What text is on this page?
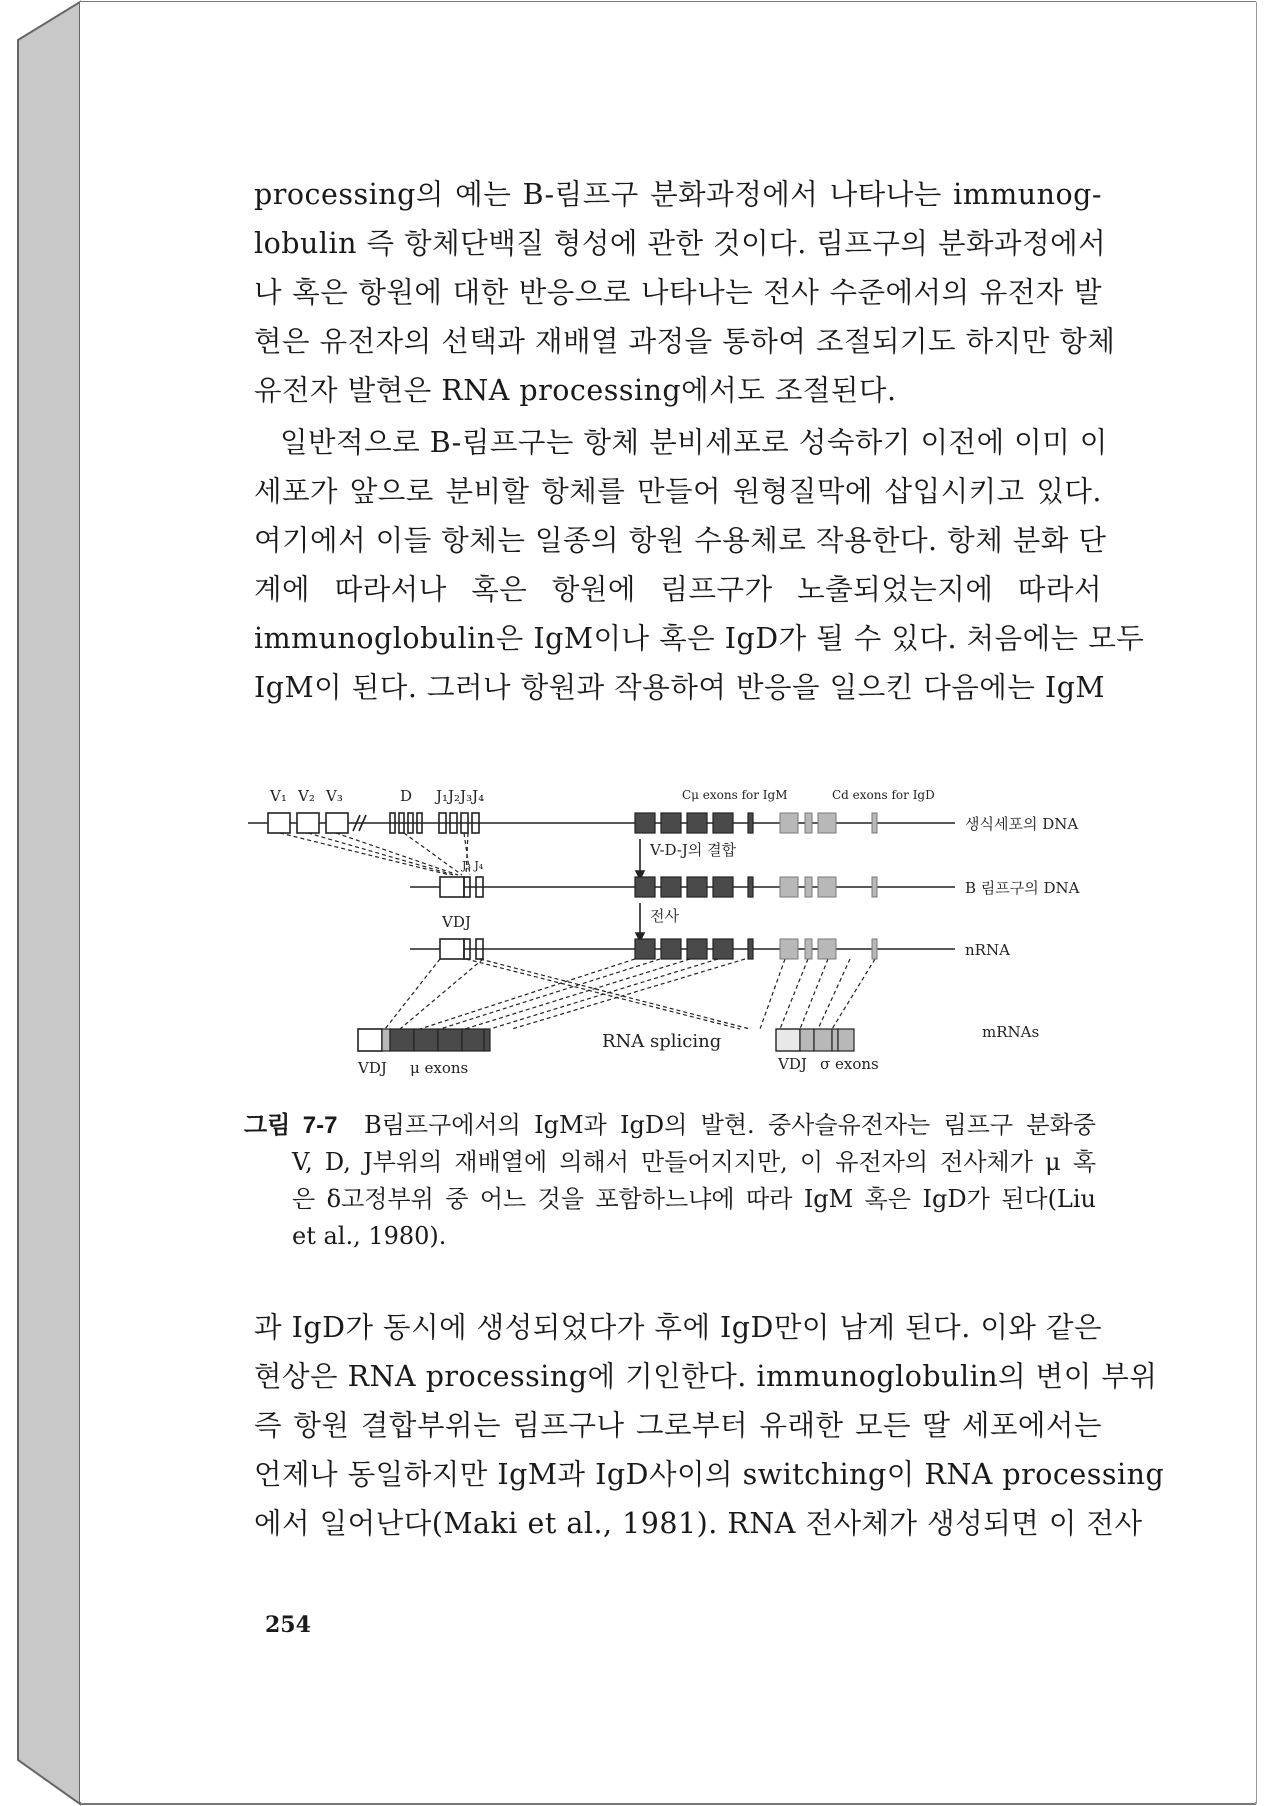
processing의 예는 B-림프구 분화과정에서 나타나는 immunog-
lobulin 즉 항체단백질 형성에 관한 것이다. 림프구의 분화과정에서
나 혹은 항원에 대한 반응으로 나타나는 전사 수준에서의 유전자 발
현은 유전자의 선택과 재배열 과정을 통하여 조절되기도 하지만 항체
유전자 발현은 RNA processing에서도 조절된다.
일반적으로 B-림프구는 항체 분비세포로 성숙하기 이전에 이미 이
세포가 앞으로 분비할 항체를 만들어 원형질막에 삽입시키고 있다.
여기에서 이들 항체는 일종의 항원 수용체로 작용한다. 항체 분화 단
계에 따라서나 혹은 항원에 림프구가 노출되었는지에 따라서
immunoglobulin은 IgM이나 혹은 IgD가 될 수 있다. 처음에는 모두
IgM이 된다. 그러나 항원과 작용하여 반응을 일으킨 다음에는 IgM
V₁ V₂ V₃	D J₁J₂J₃J₄	Cμ exons for IgM	Cd exons for IgD
J₃ J₄
V-D-J의 결합
전사
VDJ
RNA splicing
VDJ μ exons	VDJ σ exons
생식세포의 DNA
B 림프구의 DNA
nRNA
mRNAs
그림 7-7 B림프구에서의 IgM과 IgD의 발현. 중사슬유전자는 림프구 분화중
V, D, J부위의 재배열에 의해서 만들어지지만, 이 유전자의 전사체가 μ 혹
은 δ고정부위 중 어느 것을 포함하느냐에 따라 IgM 혹은 IgD가 된다(Liu
et al., 1980).
과 IgD가 동시에 생성되었다가 후에 IgD만이 남게 된다. 이와 같은
현상은 RNA processing에 기인한다. immunoglobulin의 변이 부위
즉 항원 결합부위는 림프구나 그로부터 유래한 모든 딸 세포에서는
언제나 동일하지만 IgM과 IgD사이의 switching이 RNA processing
에서 일어난다(Maki et al., 1981). RNA 전사체가 생성되면 이 전사
254
